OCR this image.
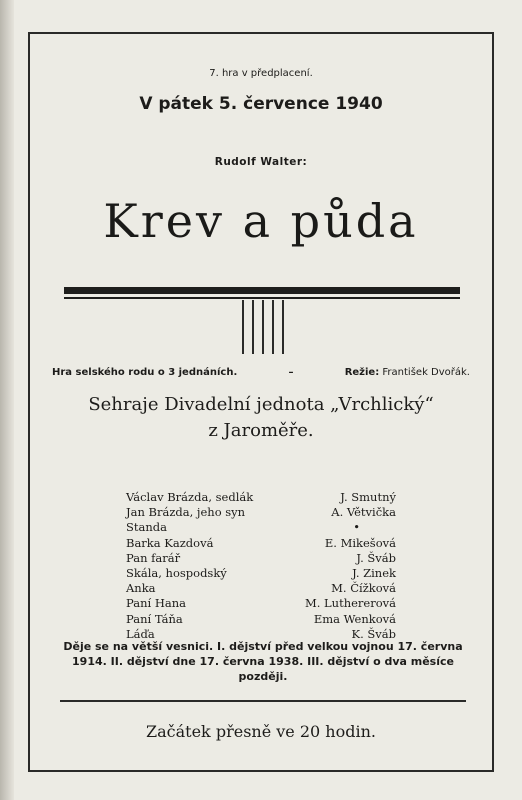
7. hra v předplacení.
V pátek 5. července 1940
Rudolf Walter:
Krev a půda
Hra selského rodu o 3 jednáních.	–	Režie: František Dvořák.
Sehraje Divadelní jednota „Vrchlický“
z Jaroměře.
Václav Brázda, sedlák	J. Smutný
Jan Brázda, jeho syn	A. Větvička
Standa	•
Barka Kazdová	E. Mikešová
Pan farář	J. Šváb
Skála, hospodský	J. Zinek
Anka	M. Čížková
Paní Hana	M. Luthererová
Paní Táňa	Ema Wenková
Láďa	K. Šváb
Děje se na větší vesnici. I. dějství před velkou vojnou 17. června
1914. II. dějství dne 17. června 1938. III. dějství o dva měsíce
později.
Začátek přesně ve 20 hodin.
